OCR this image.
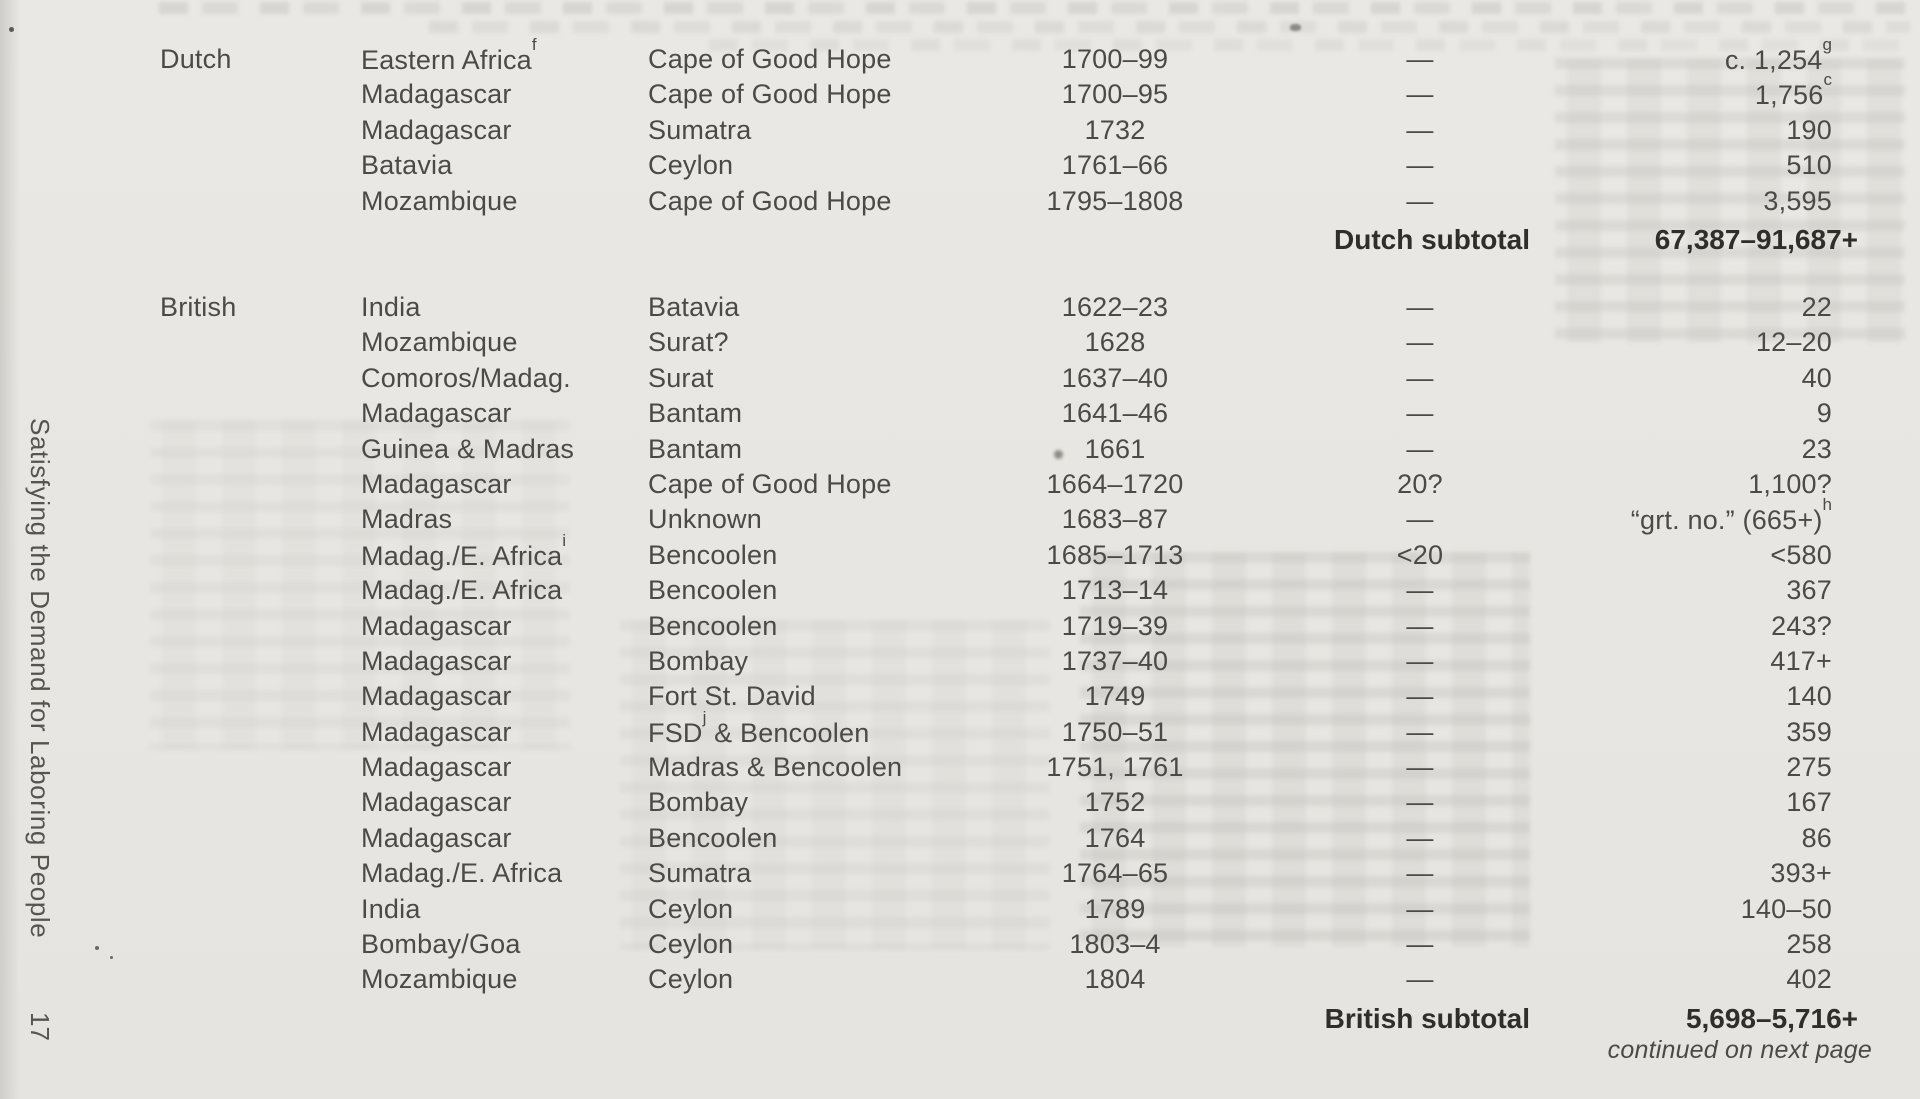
Satisfying the Demand for Laboring People
17
Dutch	Eastern Africa$^f$	Cape of Good Hope	1700–99	—	c. 1,254$^g$
Madagascar	Cape of Good Hope	1700–95	—	1,756$^c$
Madagascar	Sumatra	1732	—	190
Batavia	Ceylon	1761–66	—	510
Mozambique	Cape of Good Hope	1795–1808	—	3,595
Dutch subtotal	67,387–91,687+
British	India	Batavia	1622–23	—	22
Mozambique	Surat?	1628	—	12–20
Comoros/Madag.	Surat	1637–40	—	40
Madagascar	Bantam	1641–46	—	9
Guinea & Madras	Bantam	1661	—	23
Madagascar	Cape of Good Hope	1664–1720	20?	1,100?
Madras	Unknown	1683–87	—	“grt. no.” (665+)$^h$
Madag./E. Africa$^i$	Bencoolen	1685–1713	<20	<580
Madag./E. Africa	Bencoolen	1713–14	—	367
Madagascar	Bencoolen	1719–39	—	243?
Madagascar	Bombay	1737–40	—	417+
Madagascar	Fort St. David	1749	—	140
Madagascar	FSD$^j$ & Bencoolen	1750–51	—	359
Madagascar	Madras & Bencoolen	1751, 1761	—	275
Madagascar	Bombay	1752	—	167
Madagascar	Bencoolen	1764	—	86
Madag./E. Africa	Sumatra	1764–65	—	393+
India	Ceylon	1789	—	140–50
Bombay/Goa	Ceylon	1803–4	—	258
Mozambique	Ceylon	1804	—	402
British subtotal	5,698–5,716+
continued on next page
